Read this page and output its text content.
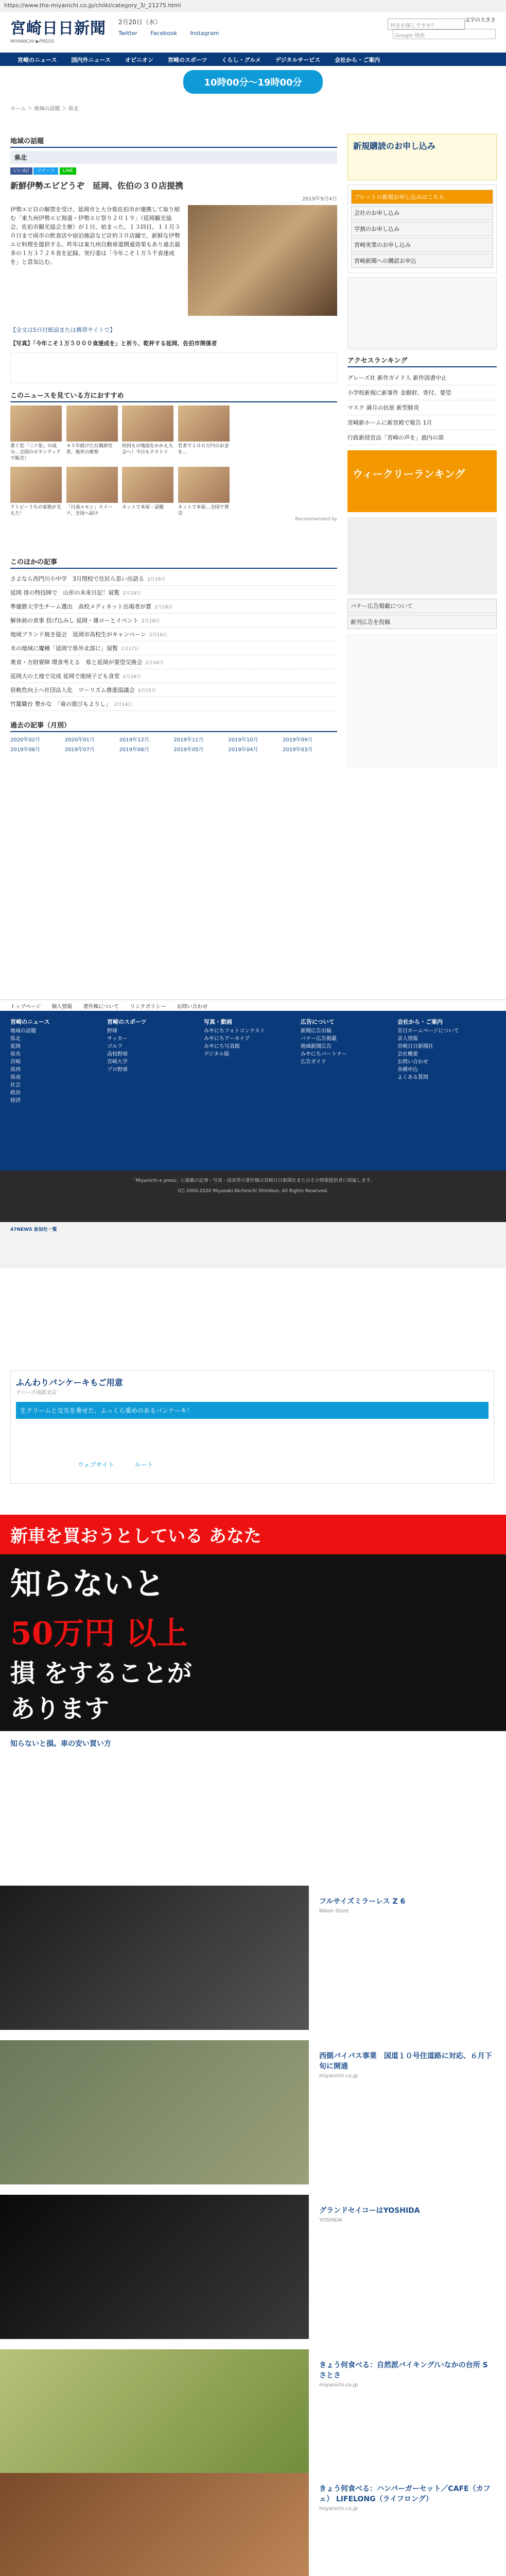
https://www.the-miyanichi.co.jp/chiiki/category_3/_21275.html
宮崎日日新聞
MIYANICHI ▶PRESS
2月20日（水）
Twitter Facebook Instagram
何をお探しですか？
文字の大きさ
Google 検索
宮崎のニュース	国内外ニュース	オピニオン	宮崎のスポーツ	くらし・グルメ	デジタルサービス	会社から・ご案内
10時00分〜19時00分
ホーム ＞ 地域の話題 ＞ 県北
地域の話題
県北
いいね! ツイート LINE
新鮮伊勢エビどうぞ　延岡、佐伯の３０店提携
2019年9月4日
伊勢エビ自の解禁を受け、延岡市と大分県佐伯市が連携して取り組む「東九州伊勢エビ海道・伊勢エビ祭り２０１９」（延岡観光協会、佐伯市観光協会主催）が１日、始まった。１３回目。１１月３０日まで両市の飲食店や宿泊施設など計約３０店舗で、新鮮な伊勢エビ料理を提供する。昨年は東九州自動車道開通効果もあり過去最多の１万３７２８食を記録。実行委は「今年こそ１万５千食達成を」と意気込む。
【全文は5日付紙面または携帯サイトで】
【写真】「今年こそ１万５０００食達成を」と祈り、乾杯する延岡、佐伯市関係者
このニュースを見ている方におすすめ
黄ぐ恋「三ツ星」の成分…全国のボランティアで販売！
４５年続けた台風研究者、後世の推察
何回もの地図をかかえ大会へ！今日もテストリ
若者で１００万円のお金を…
アトピーうちの家族が支えた！
「日南ルモン」スイーツ、全国へ届け
ネットで本屋・話題	ネットで本屋…全国で発売
Recommended by
このほかの記事
さよなら西門川小中学　3月閉校で住民ら思い出語る 2月19日
延岡 俳の特技陣で　山形の未来日記！展覧 2月18日
準優勝大学生チーム選出　高校メディネット出場者が賞 2月18日
解体前の食事 投げ込みし 延岡・雄ローとイベント 2月18日
地域ブランド焼き協会　延岡市高校生がキャンペーン 2月18日
木の地域に魔種「延岡で県外北部に」展覧 2月17日
奥食・方財寮陣 環食考える　県と延岡が要望交換会 2月16日
延岡大の土地で完成 延岡で地域子ども食堂 2月16日
倍軌性向上へ社団法人化　ツーリズム推進協議会 2月15日
竹籠職台 豊かな　「竜の遊びもよりし」 2月14日
過去の記事（月別）
2020年02月	2020年01月	2019年12月	2019年11月	2019年10月	2019年09月
2019年08月	2019年07月	2019年06月	2019年05月	2019年04月	2019年03月
新規購読のお申し込み
ブレットの新規お申し込みはこちら
会社のお申し込み
学割のお申し込み
宮崎実業のお申し込み
宮崎新聞への購読お申込
アクセスランキング
グレーズ社 新作ガイド人 新作図書中止
小学校新規に新事件 金銀財、寄付、要望
マスク 満月の抗原 新型肺炎
宮崎新ホームに新宮殿で報告 1月
行政新経営法「宮崎の声を」過内の部
ウィークリーランキング
バナー広告掲載について
新刊広告を投稿
トップページ 個人情報 著作権について リンクポリシー お問い合わせ
宮崎のニュース
地域の話題
県北
延岡
県央
宮崎
県西
県南
社会
政治
経済
宮崎のスポーツ
野球
サッカー
ゴルフ
高校野球
宮崎大学
プロ野球
写真・動画
みやにちフォトコンテスト
みやにちアーカイブ
みやにち写真館
デジタル版
広告について
新聞広告出稿
バナー広告掲載
地域新聞広告
みやにちパートナー
広告ガイド
会社から・ご案内
宮日ホームページについて
求人情報
宮崎日日新聞社
会社概要
お問い合わせ
各種申込
よくある質問
「Miyanichi e press」に掲載の記事・写真・図表等の著作権は宮崎日日新聞社またはその情報提供者に帰属します。
(C) 2000-2020 Miyazaki Nichinichi Shimbun, All Rights Reserved.
47NEWS 参加社一覧
ふんわりパンケーキもご用意
デニーズ南新北店
生クリームと交互を乗せた、ふっくら重めのあるパンケーキ！
ウェブサイト	ルート
新車を買おうとしている あなた
知らないと
50万円 以上
損 をすることが
あります
知らないと損。車の安い買い方
フルサイズミラーレス Z 6
Nikon Store
西側バイパス事業　国道１０号住道路に対応、６月下旬に開通
miyanichi.co.jp
グランドセイコーはYOSHIDA
YOSHIDA
きょう何食べる：自然派バイキング/いなかの台所 Sさとさ
miyanichi.co.jp
きょう何食べる：ハンバーガーセット／CAFE（カフェ） LIFELONG（ライフロング）
miyanichi.co.jp
